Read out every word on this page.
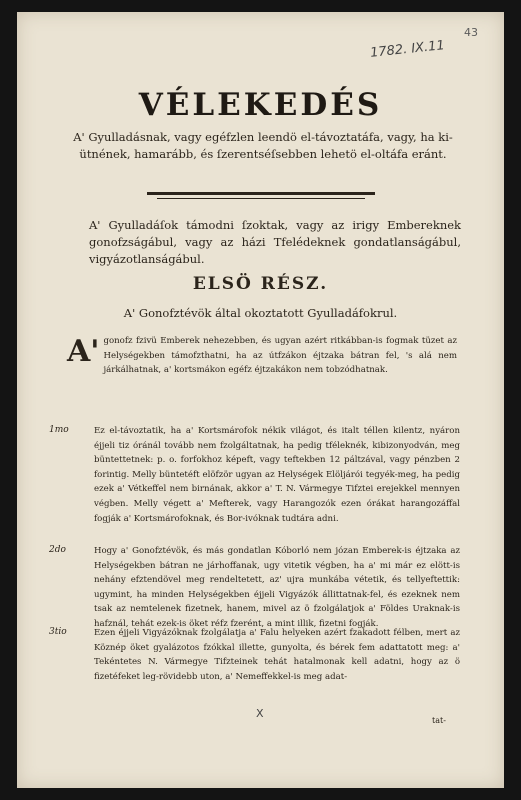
43
1782. IX.11
VÉLEKEDÉS
A' Gyulladásnak, vagy egéfzlen leendö el-távoztatáfa, vagy, ha ki-ütnének, hamarább, és ſzerentséſsebben lehetö el-oltáfa eránt.
A' Gyulladáſok támodni ſzoktak, vagy az irigy Embereknek gonofzságábul, vagy az házi Tfelédeknek gondatlanságábul, vigyázotlanságábul.
ELSÖ RÉSZ.
A' Gonofztévök által okoztatott Gyulladáfokrul.
A' gonofz fzivü Emberek nehezebben, és ugyan azért ritkábban-is fogmak tüzet az Helységekben támofzthatni, ha az útfzákon éjtzaka bátran fel, 's alá nem járkálhatnak, a' kortsmákon egéfz éjtzakákon nem tobzódhatnak.
1mo	Ez el-távoztatik, ha a' Kortsmárofok nékik világot, és italt téllen kilentz, nyáron éjjeli tiz óránál tovább nem fzolgáltatnak, ha pedig tféleknék, kibizonyodván, meg büntettetnek: p. o. forfokhoz képeft, vagy teftekben 12 páltzával, vagy pénzben 2 forintig. Melly büntetéft elöfzör ugyan az Helységek Elöljárói tegyék-meg, ha pedig ezek a' Vétkeffel nem birnának, akkor a' T. N. Vármegye Tifztei erejekkel mennyen végben. Melly végett a' Mefterek, vagy Harangozók ezen órákat harangozáffal fogják a' Kortsmárofoknak, és Bor-ivóknak tudtára adni.
2do	Hogy a' Gonofztévök, és más gondatlan Kóborló nem józan Emberek-is éjtzaka az Helységekben bátran ne járhoffanak, ugy vitetik végben, ha a' mi már ez elött-is nehány efztendövel meg rendeltetett, az' ujra munkába vétetik, és tellyeftettik: ugymint, ha minden Helységekben éjjeli Vigyázók állittatnak-fel, és ezeknek nem tsak az nemtelenek fizetnek, hanem, mivel az ö fzolgálatjok a' Földes Uraknak-is hafznál, tehát ezek-is öket réfz fzerént, a mint illik, fizetni fogják.
3tio	Ezen éjjeli Vigyázóknak fzolgálatja a' Falu helyeken azért fzakadott félben, mert az Köznép öket gyalázotos fzókkal illette, gunyolta, és bérek fem adattatott meg: a' Tekéntetes N. Vármegye Tifzteinek tehát hatalmonak kell adatni, hogy az ö fizetéfeket leg-rövidebb uton, a' Nemeffekkel-is meg adat-
X
tat-
